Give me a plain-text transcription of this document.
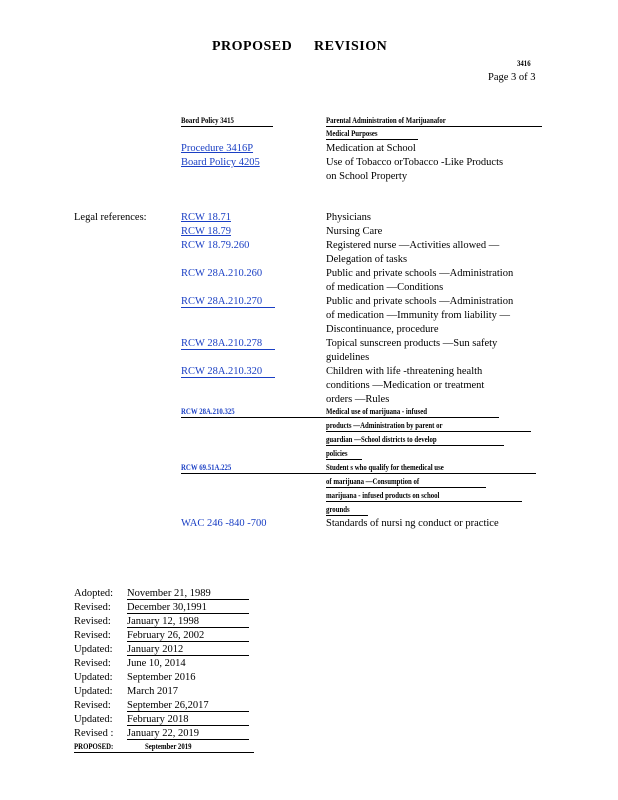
PROPOSED REVISION
3416
Page 3 of 3
Board Policy 3415	Parental Administration of Marijuanafor
Medical Purposes
Procedure 3416P	Medication at School
Board Policy 4205	Use of Tobacco orTobacco -Like Products
on School Property
Legal references:	RCW 18.71	Physicians
RCW 18.79	Nursing Care
RCW 18.79.260	Registered nurse —Activities allowed —
Delegation of tasks
RCW 28A.210.260	Public and private schools —Administration
of medication —Conditions
RCW 28A.210.270	Public and private schools —Administration
of medication —Immunity from liability —
Discontinuance, procedure
RCW 28A.210.278	Topical sunscreen products —Sun safety
guidelines
RCW 28A.210.320	Children with life -threatening health
conditions —Medication or treatment
orders —Rules
RCW 28A.210.325	Medical use of marijuana - infused
products —Administration by parent or
guardian —School districts to develop
policies
RCW 69.51A.225	Student s who qualify for themedical use
of marijuana —Consumption of
marijuana - infused products on school
grounds
WAC 246 -840 -700	Standards of nursi ng conduct or practice
Adopted: November 21, 1989
Revised: December 30,1991
Revised: January 12, 1998
Revised: February 26, 2002
Updated: January 2012
Revised: June 10, 2014
Updated: September 2016
Updated: March 2017
Revised: September 26,2017
Updated: February 2018
Revised : January 22, 2019
PROPOSED:	September 2019
